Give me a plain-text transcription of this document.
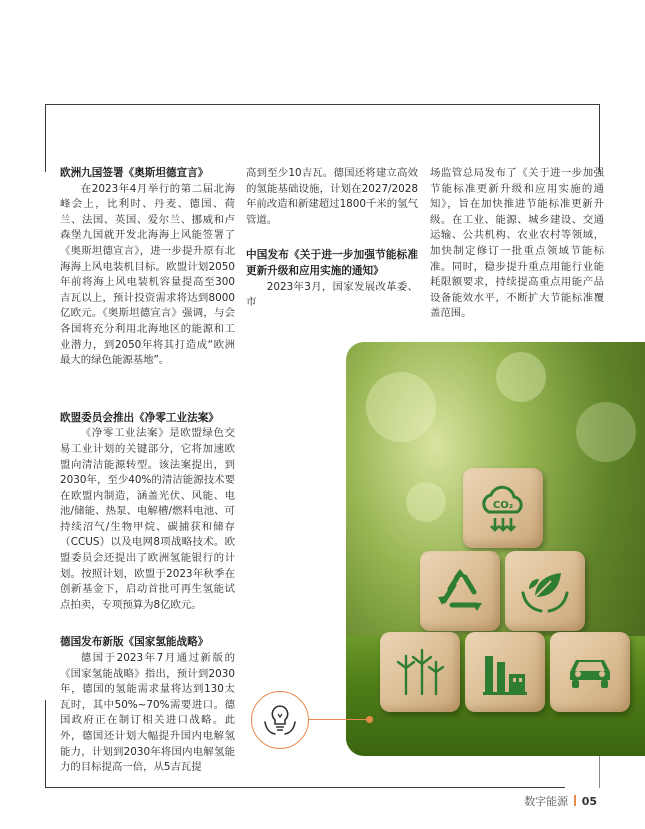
欧洲九国签署《奥斯坦德宣言》

在2023年4月举行的第二届北海峰会上，比利时、丹麦、德国、荷兰、法国、英国、爱尔兰、挪威和卢森堡九国就开发北海海上风能签署了《奥斯坦德宣言》，进一步提升原有北海海上风电装机目标。欧盟计划2050年前将海上风电装机容量提高至300吉瓦以上，预计投资需求将达到8000亿欧元。《奥斯坦德宣言》强调，与会各国将充分利用北海地区的能源和工业潜力，到2050年将其打造成“欧洲最大的绿色能源基地”。

欧盟委员会推出《净零工业法案》

《净零工业法案》是欧盟绿色交易工业计划的关键部分，它将加速欧盟向清洁能源转型。该法案提出，到2030年，至少40%的清洁能源技术要在欧盟内制造，涵盖光伏、风能、电池/储能、热泵、电解槽/燃料电池、可持续沼气/生物甲烷、碳捕获和储存（CCUS）以及电网8项战略技术。欧盟委员会还提出了欧洲氢能银行的计划。按照计划，欧盟于2023年秋季在创新基金下，启动首批可再生氢能试点拍卖，专项预算为8亿欧元。

德国发布新版《国家氢能战略》

德国于2023年7月通过新版的《国家氢能战略》指出，预计到2030年，德国的氢能需求量将达到130太瓦时，其中50%~70%需要进口。德国政府正在制订相关进口战略。此外，德国还计划大幅提升国内电解氢能力，计划到2030年将国内电解氢能力的目标提高一倍，从5吉瓦提

高到至少10吉瓦。德国还将建立高效的氢能基础设施，计划在2027/2028年前改造和新建超过1800千米的氢气管道。

中国发布《关于进一步加强节能标准更新升级和应用实施的通知》

2023年3月，国家发展改革委、市

场监管总局发布了《关于进一步加强节能标准更新升级和应用实施的通知》，旨在加快推进节能标准更新升级。在工业、能源、城乡建设、交通运输、公共机构、农业农村等领域，加快制定修订一批重点领域节能标准。同时，稳步提升重点用能行业能耗限额要求，持续提高重点用能产品设备能效水平，不断扩大节能标准覆盖范围。

CO₂
数字能源 05
